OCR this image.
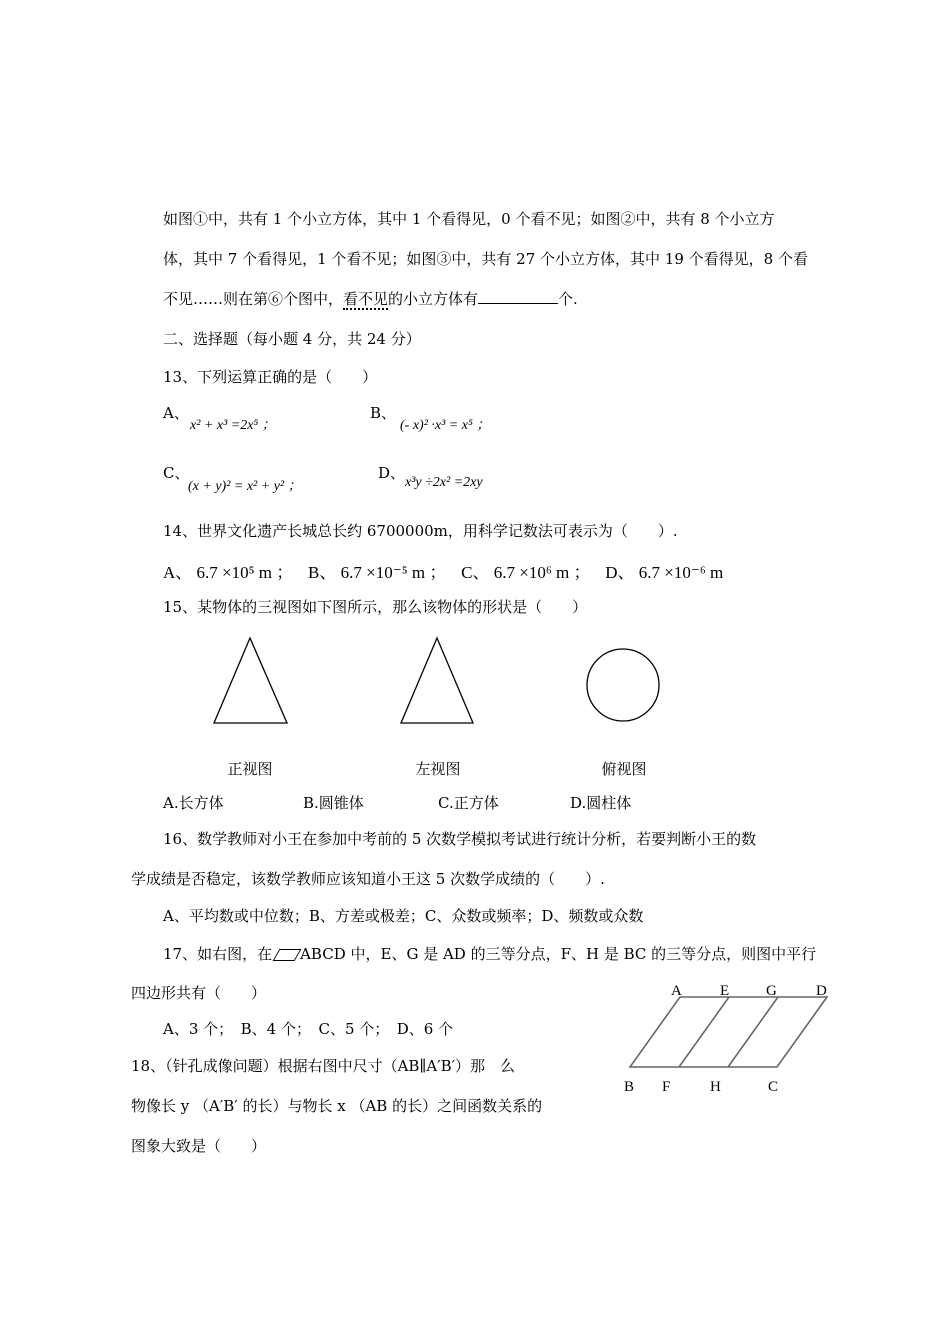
如图①中，共有 1 个小立方体，其中 1 个看得见，0 个看不见；如图②中，共有 8 个小立方
体，其中 7 个看得见，1 个看不见；如图③中，共有 27 个小立方体，其中 19 个看得见，8 个看
不见……则在第⑥个图中，看不见的小立方体有	个.
二、选择题（每小题 4 分，共 24 分）
13、下列运算正确的是（　　）
A、
x² + x³ =2x⁵ ；
B、
(- x)² ·x³ = x⁵ ；
C、
(x + y)² = x² + y² ；
D、
x³y ÷2x² =2xy
14、世界文化遗产长城总长约 6700000m，用科学记数法可表示为（　　）.
A、 6.7 ×10⁵ m ； B、 6.7 ×10⁻⁵ m ； C、 6.7 ×10⁶ m ； D、 6.7 ×10⁻⁶ m
15、某物体的三视图如下图所示，那么该物体的形状是（　　）
正视图	左视图	俯视图
A.长方体	B.圆锥体	C.正方体	D.圆柱体
16、数学教师对小王在参加中考前的 5 次数学模拟考试进行统计分析，若要判断小王的数
学成绩是否稳定，该数学教师应该知道小王这 5 次数学成绩的（　　）.
A、平均数或中位数；B、方差或极差；C、众数或频率；D、频数或众数
17、如右图，在 ABCD 中，E、G 是 AD 的三等分点，F、H 是 BC 的三等分点，则图中平行
四边形共有（　　）
A、3 个；　B、4 个；　C、5 个；　D、6 个
A	E G	D
B F	H	C
18、（针孔成像问题）根据右图中尺寸（AB∥A′B′）那　么
物像长 y （A′B′ 的长）与物长 x （AB 的长）之间函数关系的
图象大致是（　　）
